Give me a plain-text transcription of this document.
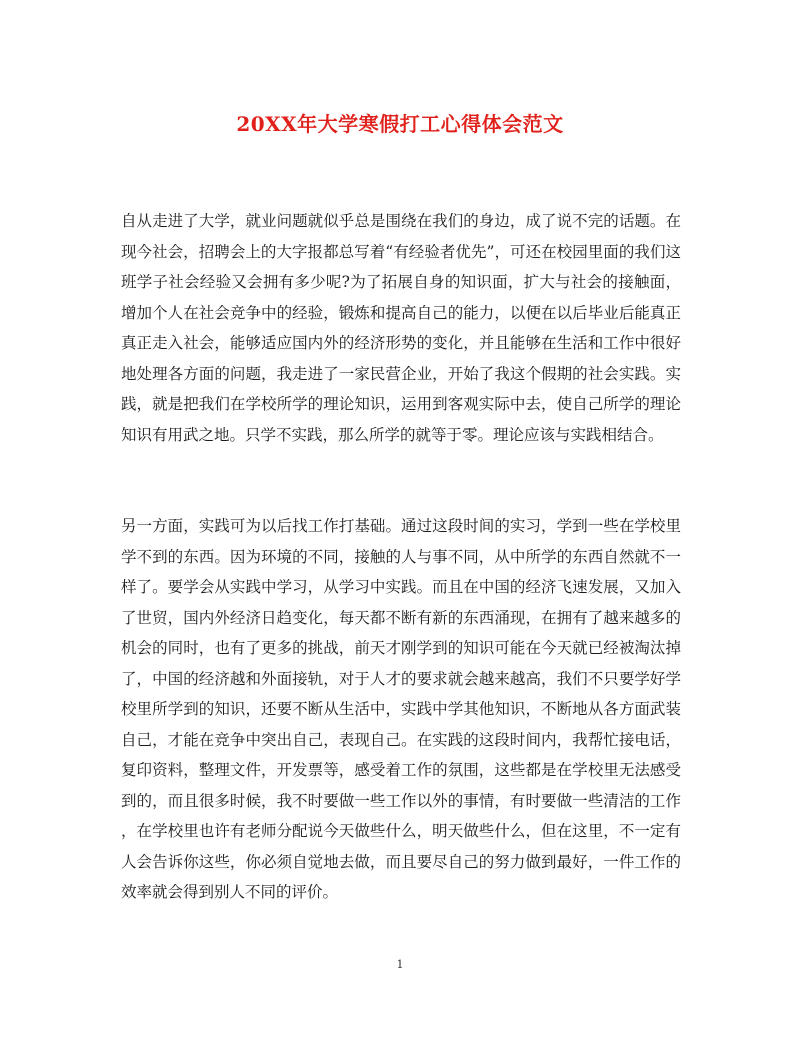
20XX年大学寒假打工心得体会范文

自从走进了大学，就业问题就似乎总是围绕在我们的身边，成了说不完的话题。在现今社会，招聘会上的大字报都总写着“有经验者优先”，可还在校园里面的我们这班学子社会经验又会拥有多少呢?为了拓展自身的知识面，扩大与社会的接触面，增加个人在社会竞争中的经验，锻炼和提高自己的能力，以便在以后毕业后能真正真正走入社会，能够适应国内外的经济形势的变化，并且能够在生活和工作中很好地处理各方面的问题，我走进了一家民营企业，开始了我这个假期的社会实践。实践，就是把我们在学校所学的理论知识，运用到客观实际中去，使自己所学的理论知识有用武之地。只学不实践，那么所学的就等于零。理论应该与实践相结合。

另一方面，实践可为以后找工作打基础。通过这段时间的实习，学到一些在学校里学不到的东西。因为环境的不同，接触的人与事不同，从中所学的东西自然就不一样了。要学会从实践中学习，从学习中实践。而且在中国的经济飞速发展，又加入了世贸，国内外经济日趋变化，每天都不断有新的东西涌现，在拥有了越来越多的机会的同时，也有了更多的挑战，前天才刚学到的知识可能在今天就已经被淘汰掉了，中国的经济越和外面接轨，对于人才的要求就会越来越高，我们不只要学好学校里所学到的知识，还要不断从生活中，实践中学其他知识，不断地从各方面武装自己，才能在竞争中突出自己，表现自己。在实践的这段时间内，我帮忙接电话，复印资料，整理文件，开发票等，感受着工作的氛围，这些都是在学校里无法感受到的，而且很多时候，我不时要做一些工作以外的事情，有时要做一些清洁的工作，在学校里也许有老师分配说今天做些什么，明天做些什么，但在这里，不一定有人会告诉你这些，你必须自觉地去做，而且要尽自己的努力做到最好，一件工作的效率就会得到别人不同的评价。

1
